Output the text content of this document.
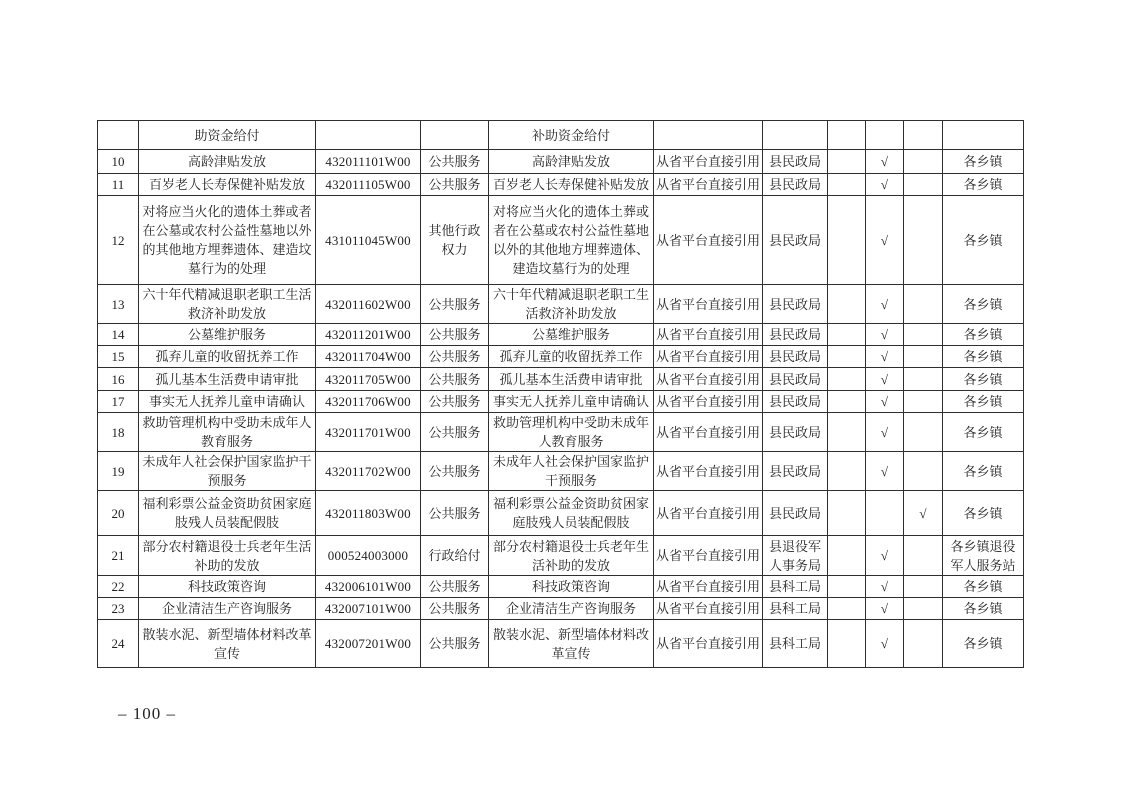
	助资金给付			补助资金给付						
10	高龄津贴发放	432011101W00	公共服务	高龄津贴发放	从省平台直接引用	县民政局		√		各乡镇
11	百岁老人长寿保健补贴发放	432011105W00	公共服务	百岁老人长寿保健补贴发放	从省平台直接引用	县民政局		√		各乡镇
12	对将应当火化的遗体土葬或者在公墓或农村公益性墓地以外的其他地方埋葬遗体、建造坟墓行为的处理	431011045W00	其他行政权力	对将应当火化的遗体土葬或者在公墓或农村公益性墓地以外的其他地方埋葬遗体、建造坟墓行为的处理	从省平台直接引用	县民政局		√		各乡镇
13	六十年代精减退职老职工生活救济补助发放	432011602W00	公共服务	六十年代精减退职老职工生活救济补助发放	从省平台直接引用	县民政局		√		各乡镇
14	公墓维护服务	432011201W00	公共服务	公墓维护服务	从省平台直接引用	县民政局		√		各乡镇
15	孤弃儿童的收留抚养工作	432011704W00	公共服务	孤弃儿童的收留抚养工作	从省平台直接引用	县民政局		√		各乡镇
16	孤儿基本生活费申请审批	432011705W00	公共服务	孤儿基本生活费申请审批	从省平台直接引用	县民政局		√		各乡镇
17	事实无人抚养儿童申请确认	432011706W00	公共服务	事实无人抚养儿童申请确认	从省平台直接引用	县民政局		√		各乡镇
18	救助管理机构中受助未成年人教育服务	432011701W00	公共服务	救助管理机构中受助未成年人教育服务	从省平台直接引用	县民政局		√		各乡镇
19	未成年人社会保护国家监护干预服务	432011702W00	公共服务	未成年人社会保护国家监护干预服务	从省平台直接引用	县民政局		√		各乡镇
20	福利彩票公益金资助贫困家庭肢残人员装配假肢	432011803W00	公共服务	福利彩票公益金资助贫困家庭肢残人员装配假肢	从省平台直接引用	县民政局			√	各乡镇
21	部分农村籍退役士兵老年生活补助的发放	000524003000	行政给付	部分农村籍退役士兵老年生活补助的发放	从省平台直接引用	县退役军人事务局		√		各乡镇退役军人服务站
22	科技政策咨询	432006101W00	公共服务	科技政策咨询	从省平台直接引用	县科工局		√		各乡镇
23	企业清洁生产咨询服务	432007101W00	公共服务	企业清洁生产咨询服务	从省平台直接引用	县科工局		√		各乡镇
24	散装水泥、新型墙体材料改革宣传	432007201W00	公共服务	散装水泥、新型墙体材料改革宣传	从省平台直接引用	县科工局		√		各乡镇
– 100 –
